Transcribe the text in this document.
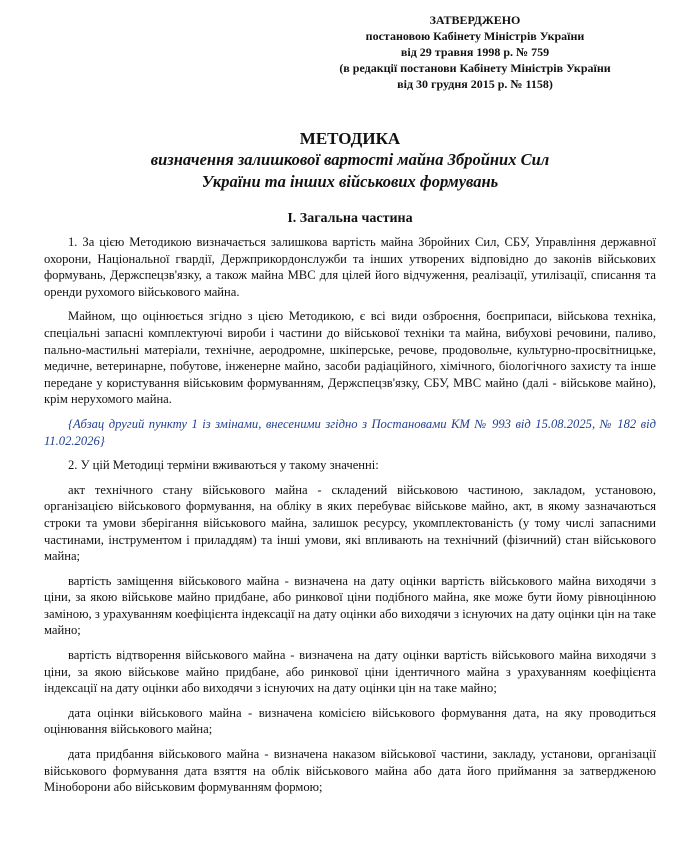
ЗАТВЕРДЖЕНО
постановою Кабінету Міністрів України
від 29 травня 1998 р. № 759
(в редакції постанови Кабінету Міністрів України
від 30 грудня 2015 р. № 1158)
МЕТОДИКА
визначення залишкової вартості майна Збройних Сил
України та інших військових формувань
I. Загальна частина

1. За цією Методикою визначається залишкова вартість майна Збройних Сил, СБУ, Управління державної охорони, Національної гвардії, Держприкордонслужби та інших утворених відповідно до законів військових формувань, Держспецзв'язку, а також майна МВС для цілей його відчуження, реалізації, утилізації, списання та оренди рухомого військового майна.

Майном, що оцінюється згідно з цією Методикою, є всі види озброєння, боєприпаси, військова техніка, спеціальні запасні комплектуючі вироби і частини до військової техніки та майна, вибухові речовини, паливо, пально-мастильні матеріали, технічне, аеродромне, шкіперське, речове, продовольче, культурно-просвітницьке, медичне, ветеринарне, побутове, інженерне майно, засоби радіаційного, хімічного, біологічного захисту та інше передане у користування військовим формуванням, Держспецзв'язку, СБУ, МВС майно (далі - військове майно), крім нерухомого майна.

{Абзац другий пункту 1 із змінами, внесеними згідно з Постановами КМ № 993 від 15.08.2025, № 182 від 11.02.2026}

2. У цій Методиці терміни вживаються у такому значенні:

акт технічного стану військового майна - складений військовою частиною, закладом, установою, організацією військового формування, на обліку в яких перебуває військове майно, акт, в якому зазначаються строки та умови зберігання військового майна, залишок ресурсу, укомплектованість (у тому числі запасними частинами, інструментом і приладдям) та інші умови, які впливають на технічний (фізичний) стан військового майна;

вартість заміщення військового майна - визначена на дату оцінки вартість військового майна виходячи з ціни, за якою військове майно придбане, або ринкової ціни подібного майна, яке може бути йому рівноцінною заміною, з урахуванням коефіцієнта індексації на дату оцінки або виходячи з існуючих на дату оцінки цін на таке майно;

вартість відтворення військового майна - визначена на дату оцінки вартість військового майна виходячи з ціни, за якою військове майно придбане, або ринкової ціни ідентичного майна з урахуванням коефіцієнта індексації на дату оцінки або виходячи з існуючих на дату оцінки цін на таке майно;

дата оцінки військового майна - визначена комісією військового формування дата, на яку проводиться оцінювання військового майна;

дата придбання військового майна - визначена наказом військової частини, закладу, установи, організації військового формування дата взяття на облік військового майна або дата його приймання за затвердженою Міноборони або військовим формуванням формою;
